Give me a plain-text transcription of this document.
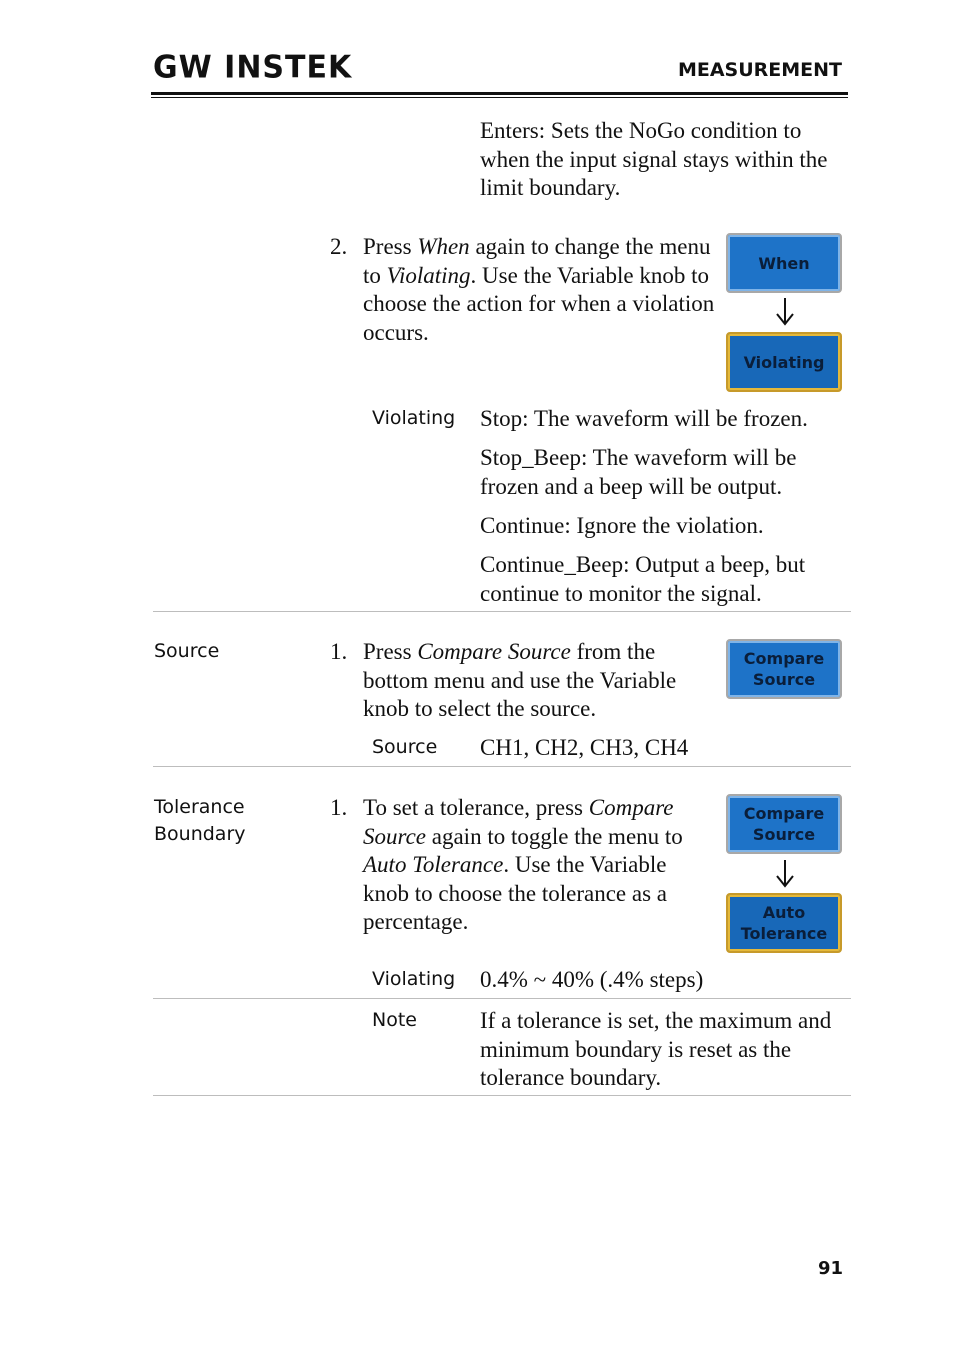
GW INSTEK	MEASUREMENT
Enters: Sets the NoGo condition to when the input signal stays within the limit boundary.
2. Press When again to change the menu to Violating. Use the Variable knob to choose the action for when a violation occurs.
When
Violating
Violating Stop: The waveform will be frozen.
Stop_Beep: The waveform will be frozen and a beep will be output.
Continue: Ignore the violation.
Continue_Beep: Output a beep, but continue to monitor the signal.
Source	1. Press Compare Source from the bottom menu and use the Variable knob to select the source.
Compare
Source
Source CH1, CH2, CH3, CH4
Tolerance
Boundary
1. To set a tolerance, press Compare Source again to toggle the menu to Auto Tolerance. Use the Variable knob to choose the tolerance as a percentage.
Compare
Source
Auto
Tolerance
Violating 0.4% ~ 40% (.4% steps)
Note	If a tolerance is set, the maximum and minimum boundary is reset as the tolerance boundary.
91
